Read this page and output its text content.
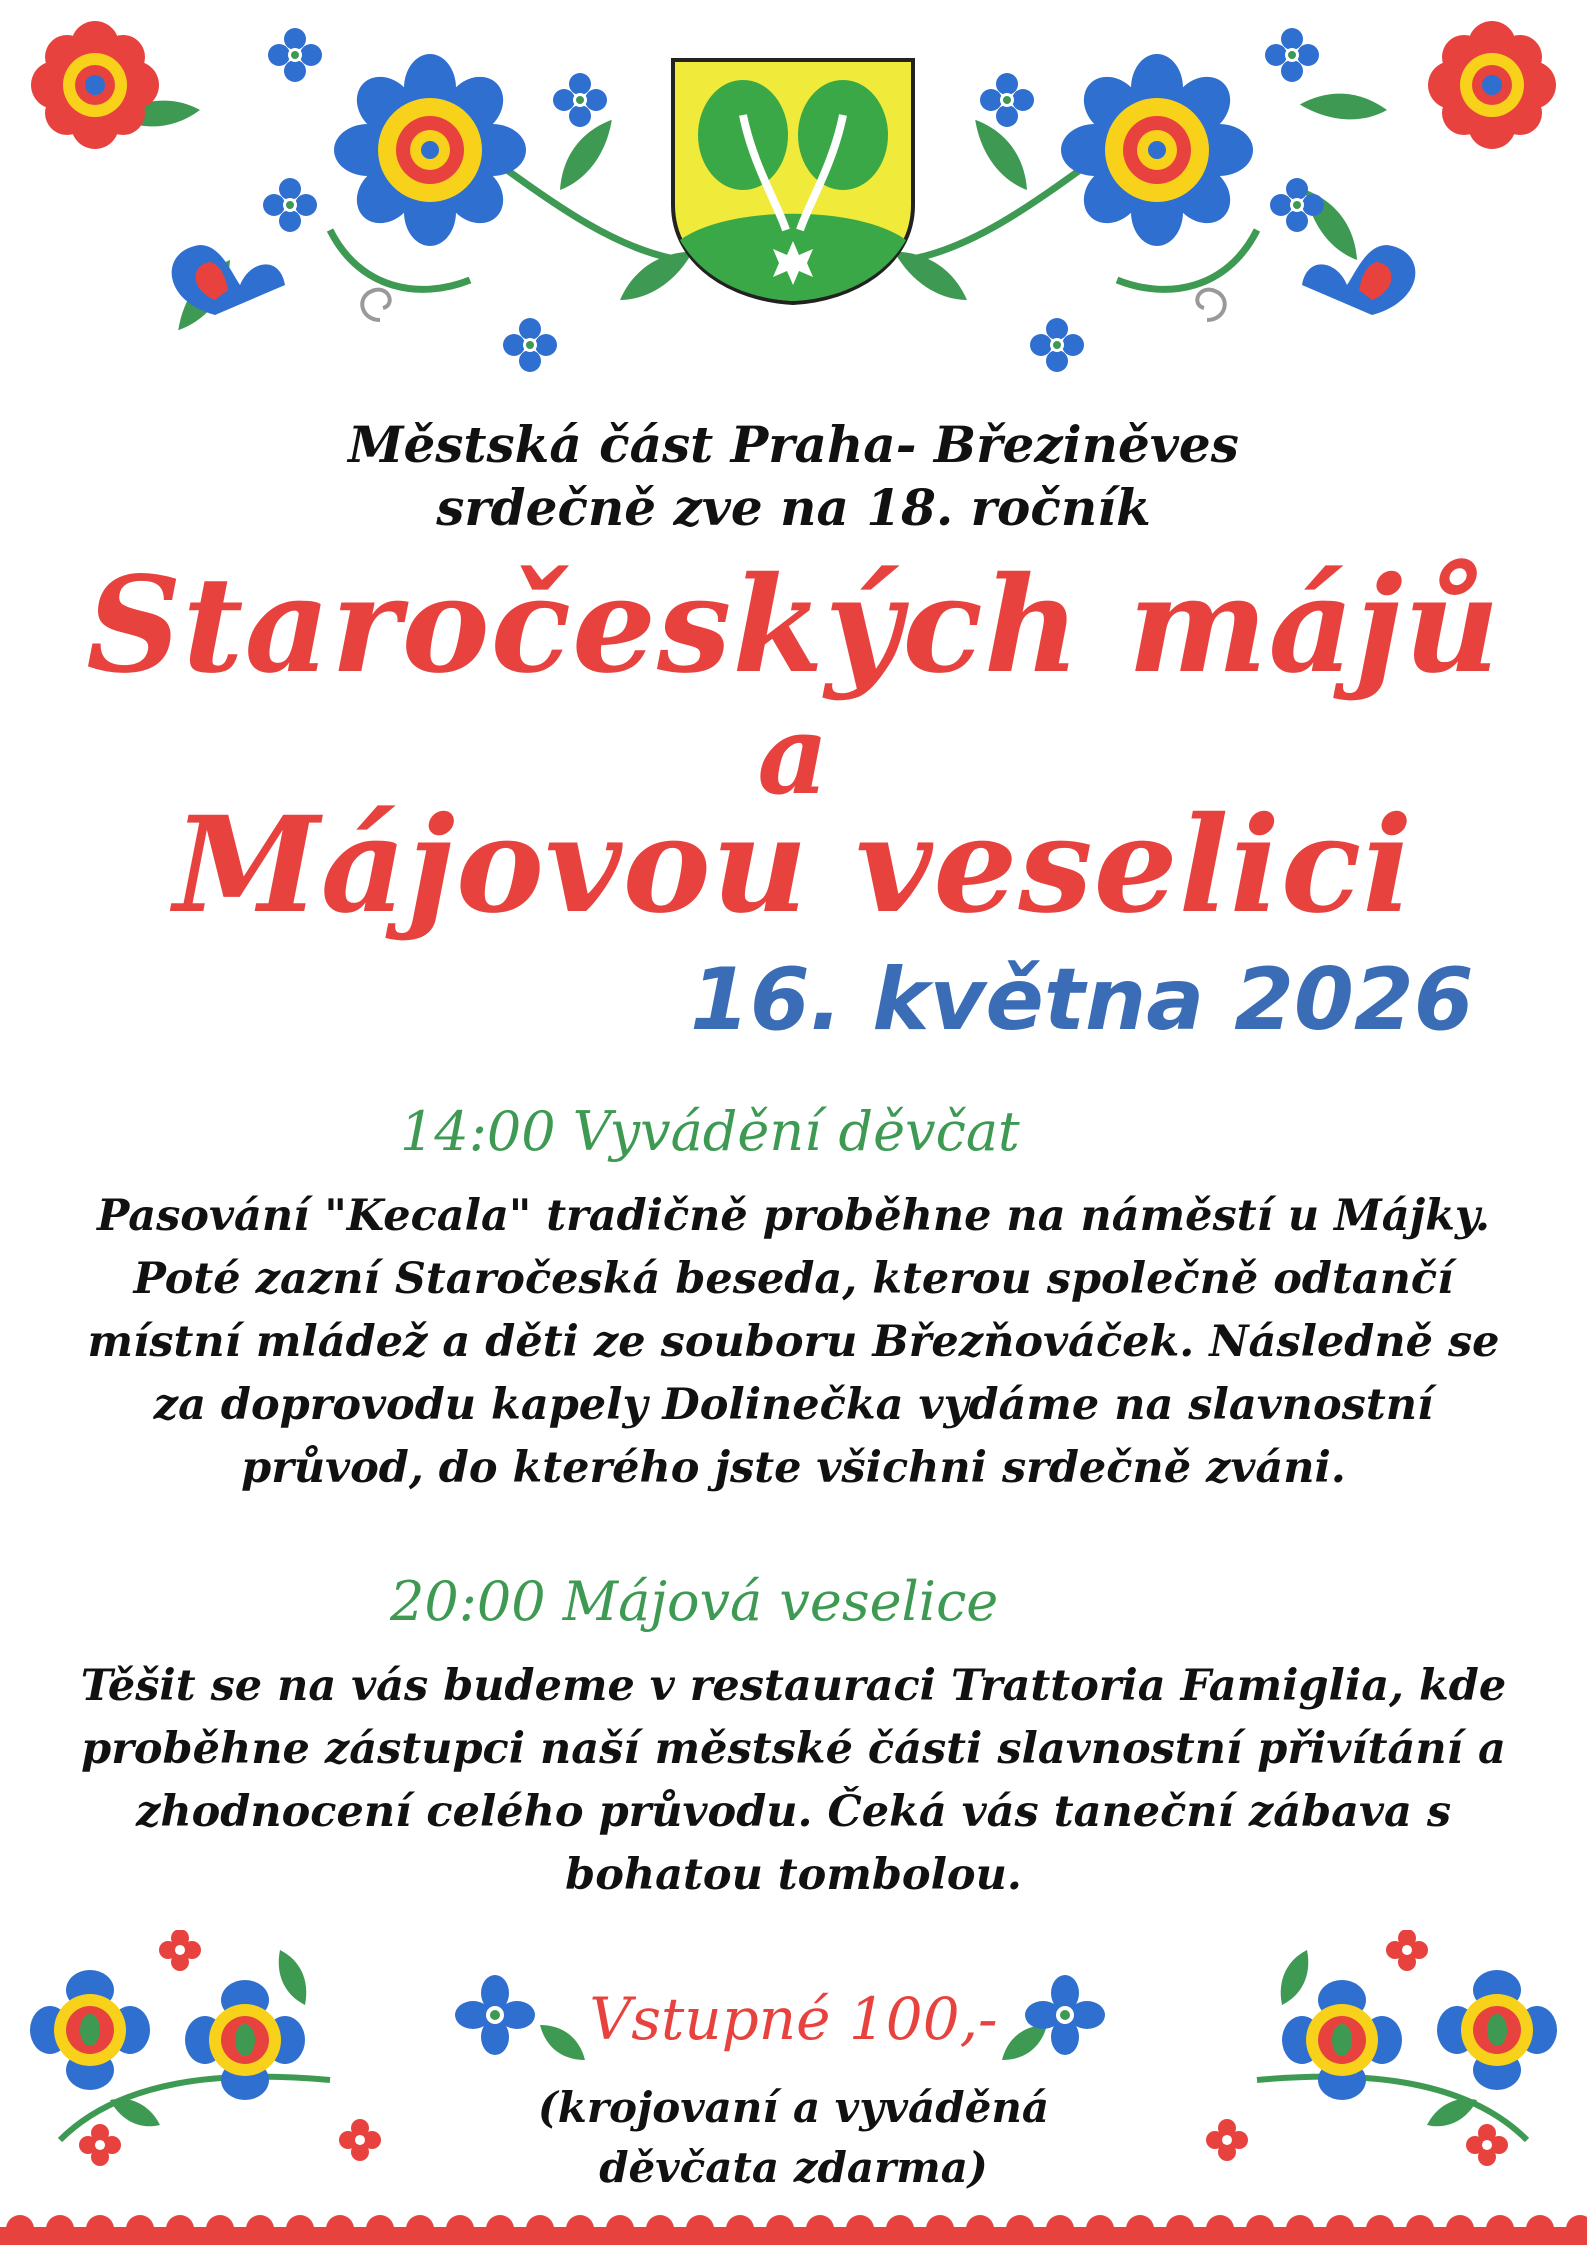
Městská část Praha- Březiněves
srdečně zve na 18. ročník
Staročeských májů
a
Májovou veselici
16. května 2026
14:00 Vyvádění děvčat
Pasování "Kecala" tradičně proběhne na náměstí u Májky. Poté zazní Staročeská beseda, kterou společně odtančí místní mládež a děti ze souboru Březňováček. Následně se za doprovodu kapely Dolinečka vydáme na slavnostní průvod, do kterého jste všichni srdečně zváni.
20:00 Májová veselice
Těšit se na vás budeme v restauraci Trattoria Famiglia, kde proběhne zástupci naší městské části slavnostní přivítání a zhodnocení celého průvodu. Čeká vás taneční zábava s bohatou tombolou.
Vstupné 100,-
(krojovaní a vyváděná
děvčata zdarma)
